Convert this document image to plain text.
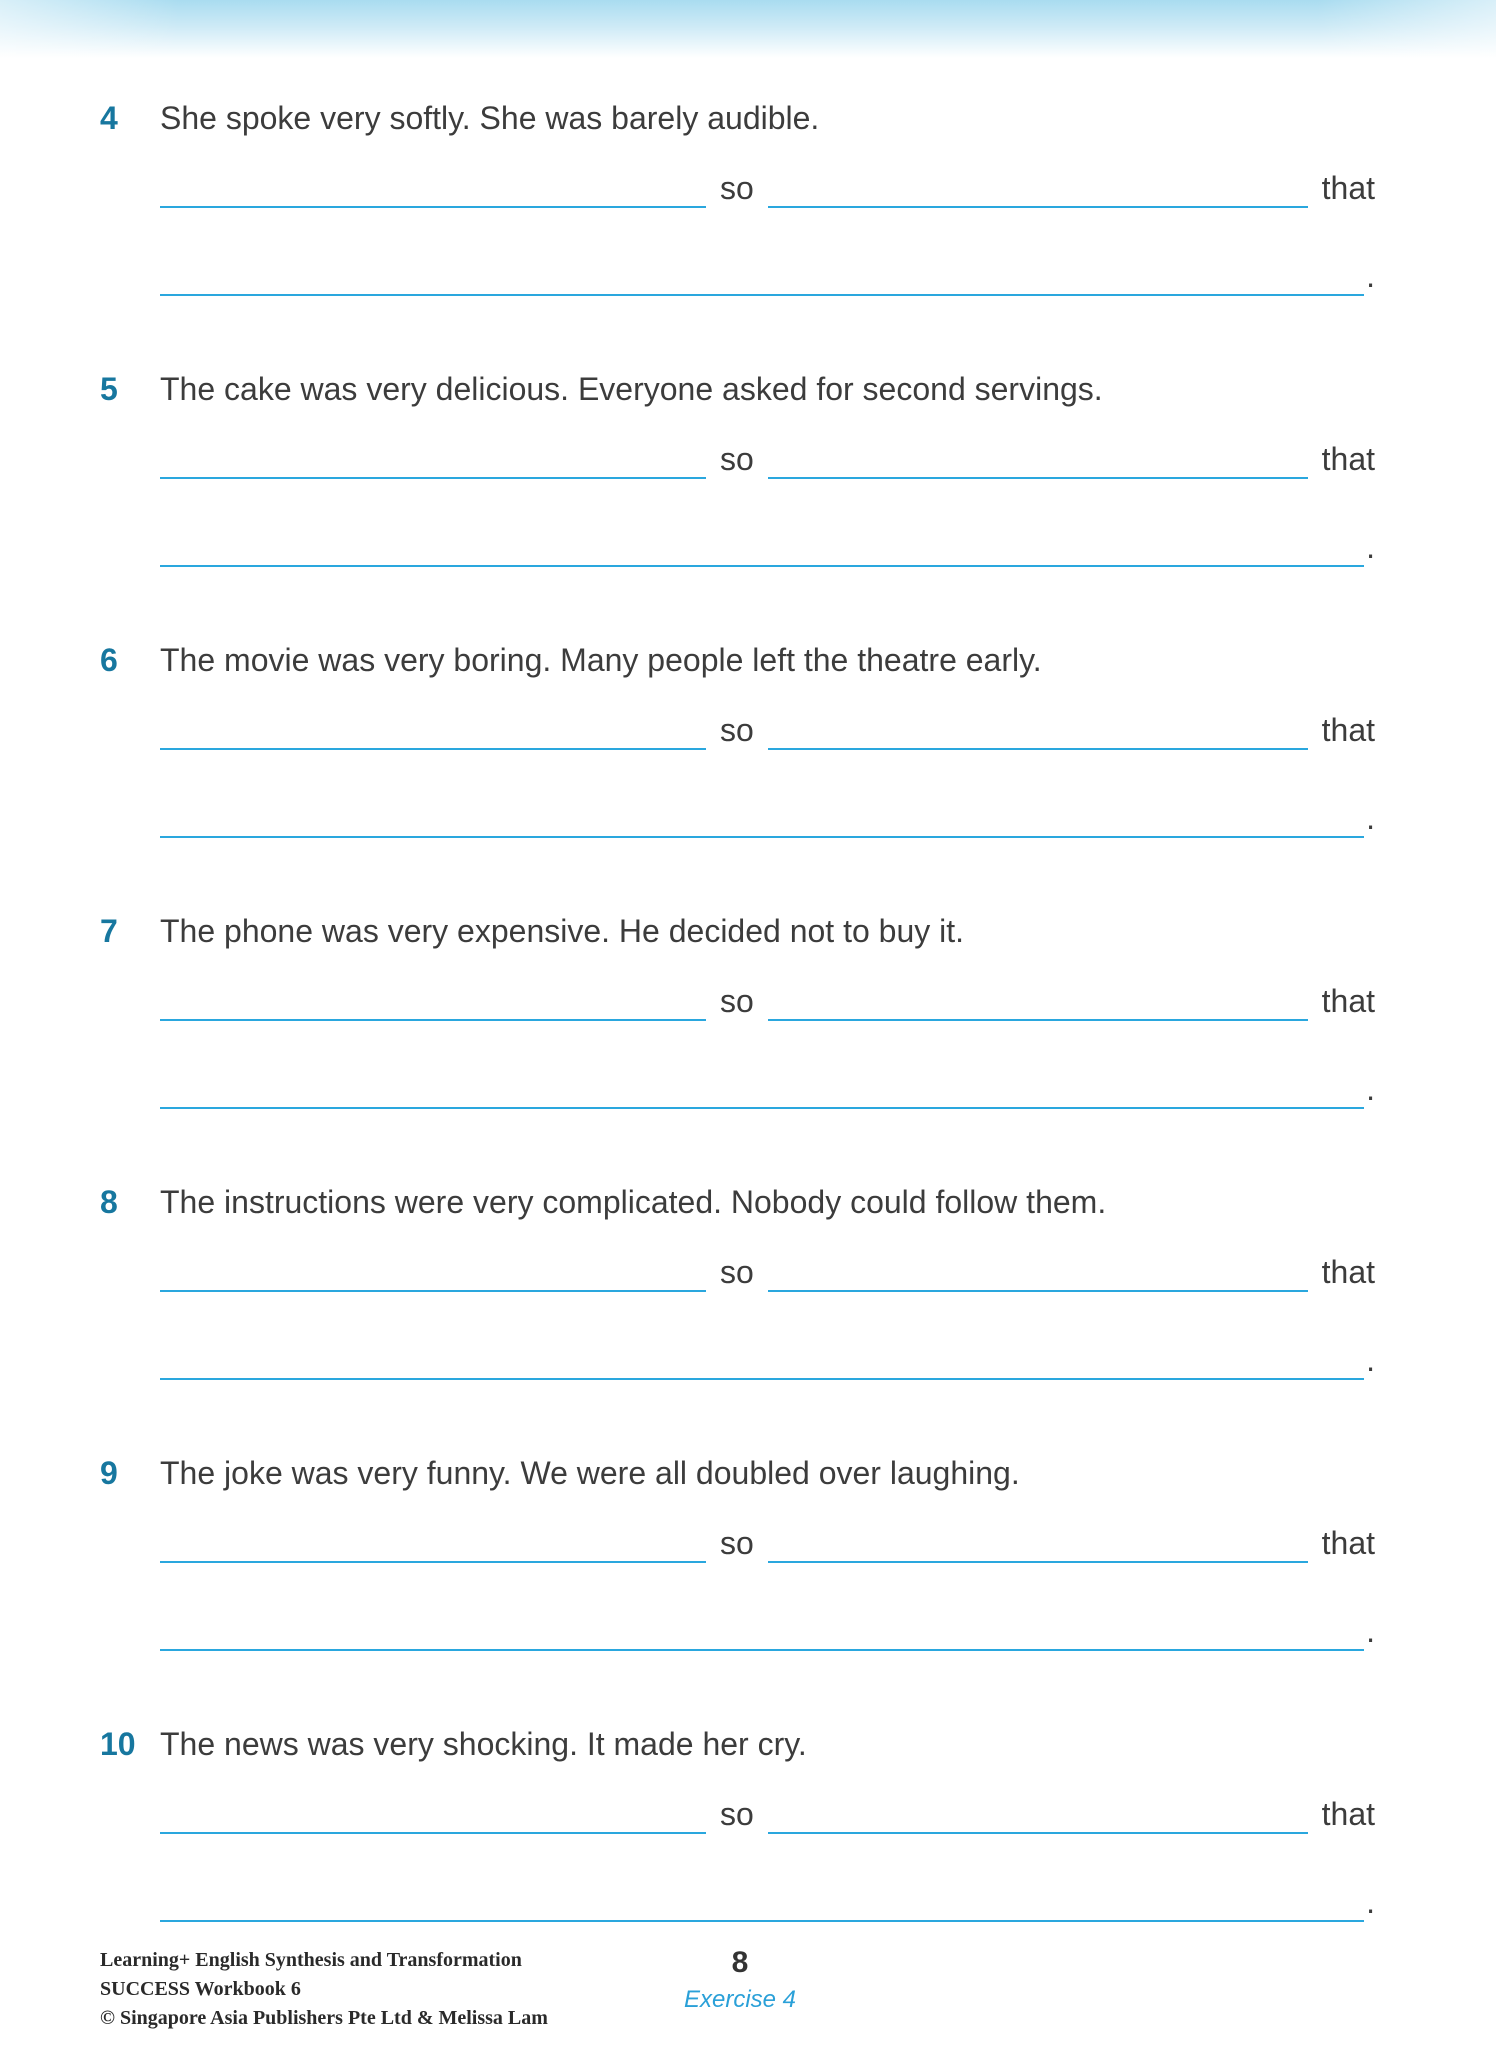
4	She spoke very softly. She was barely audible.
so	that
.
5	The cake was very delicious. Everyone asked for second servings.
so	that
.
6	The movie was very boring. Many people left the theatre early.
so	that
.
7	The phone was very expensive. He decided not to buy it.
so	that
.
8	The instructions were very complicated. Nobody could follow them.
so	that
.
9	The joke was very funny. We were all doubled over laughing.
so	that
.
10 The news was very shocking. It made her cry.
so	that
.
Learning+ English Synthesis and Transformation
SUCCESS Workbook 6
© Singapore Asia Publishers Pte Ltd & Melissa Lam
8
Exercise 4
